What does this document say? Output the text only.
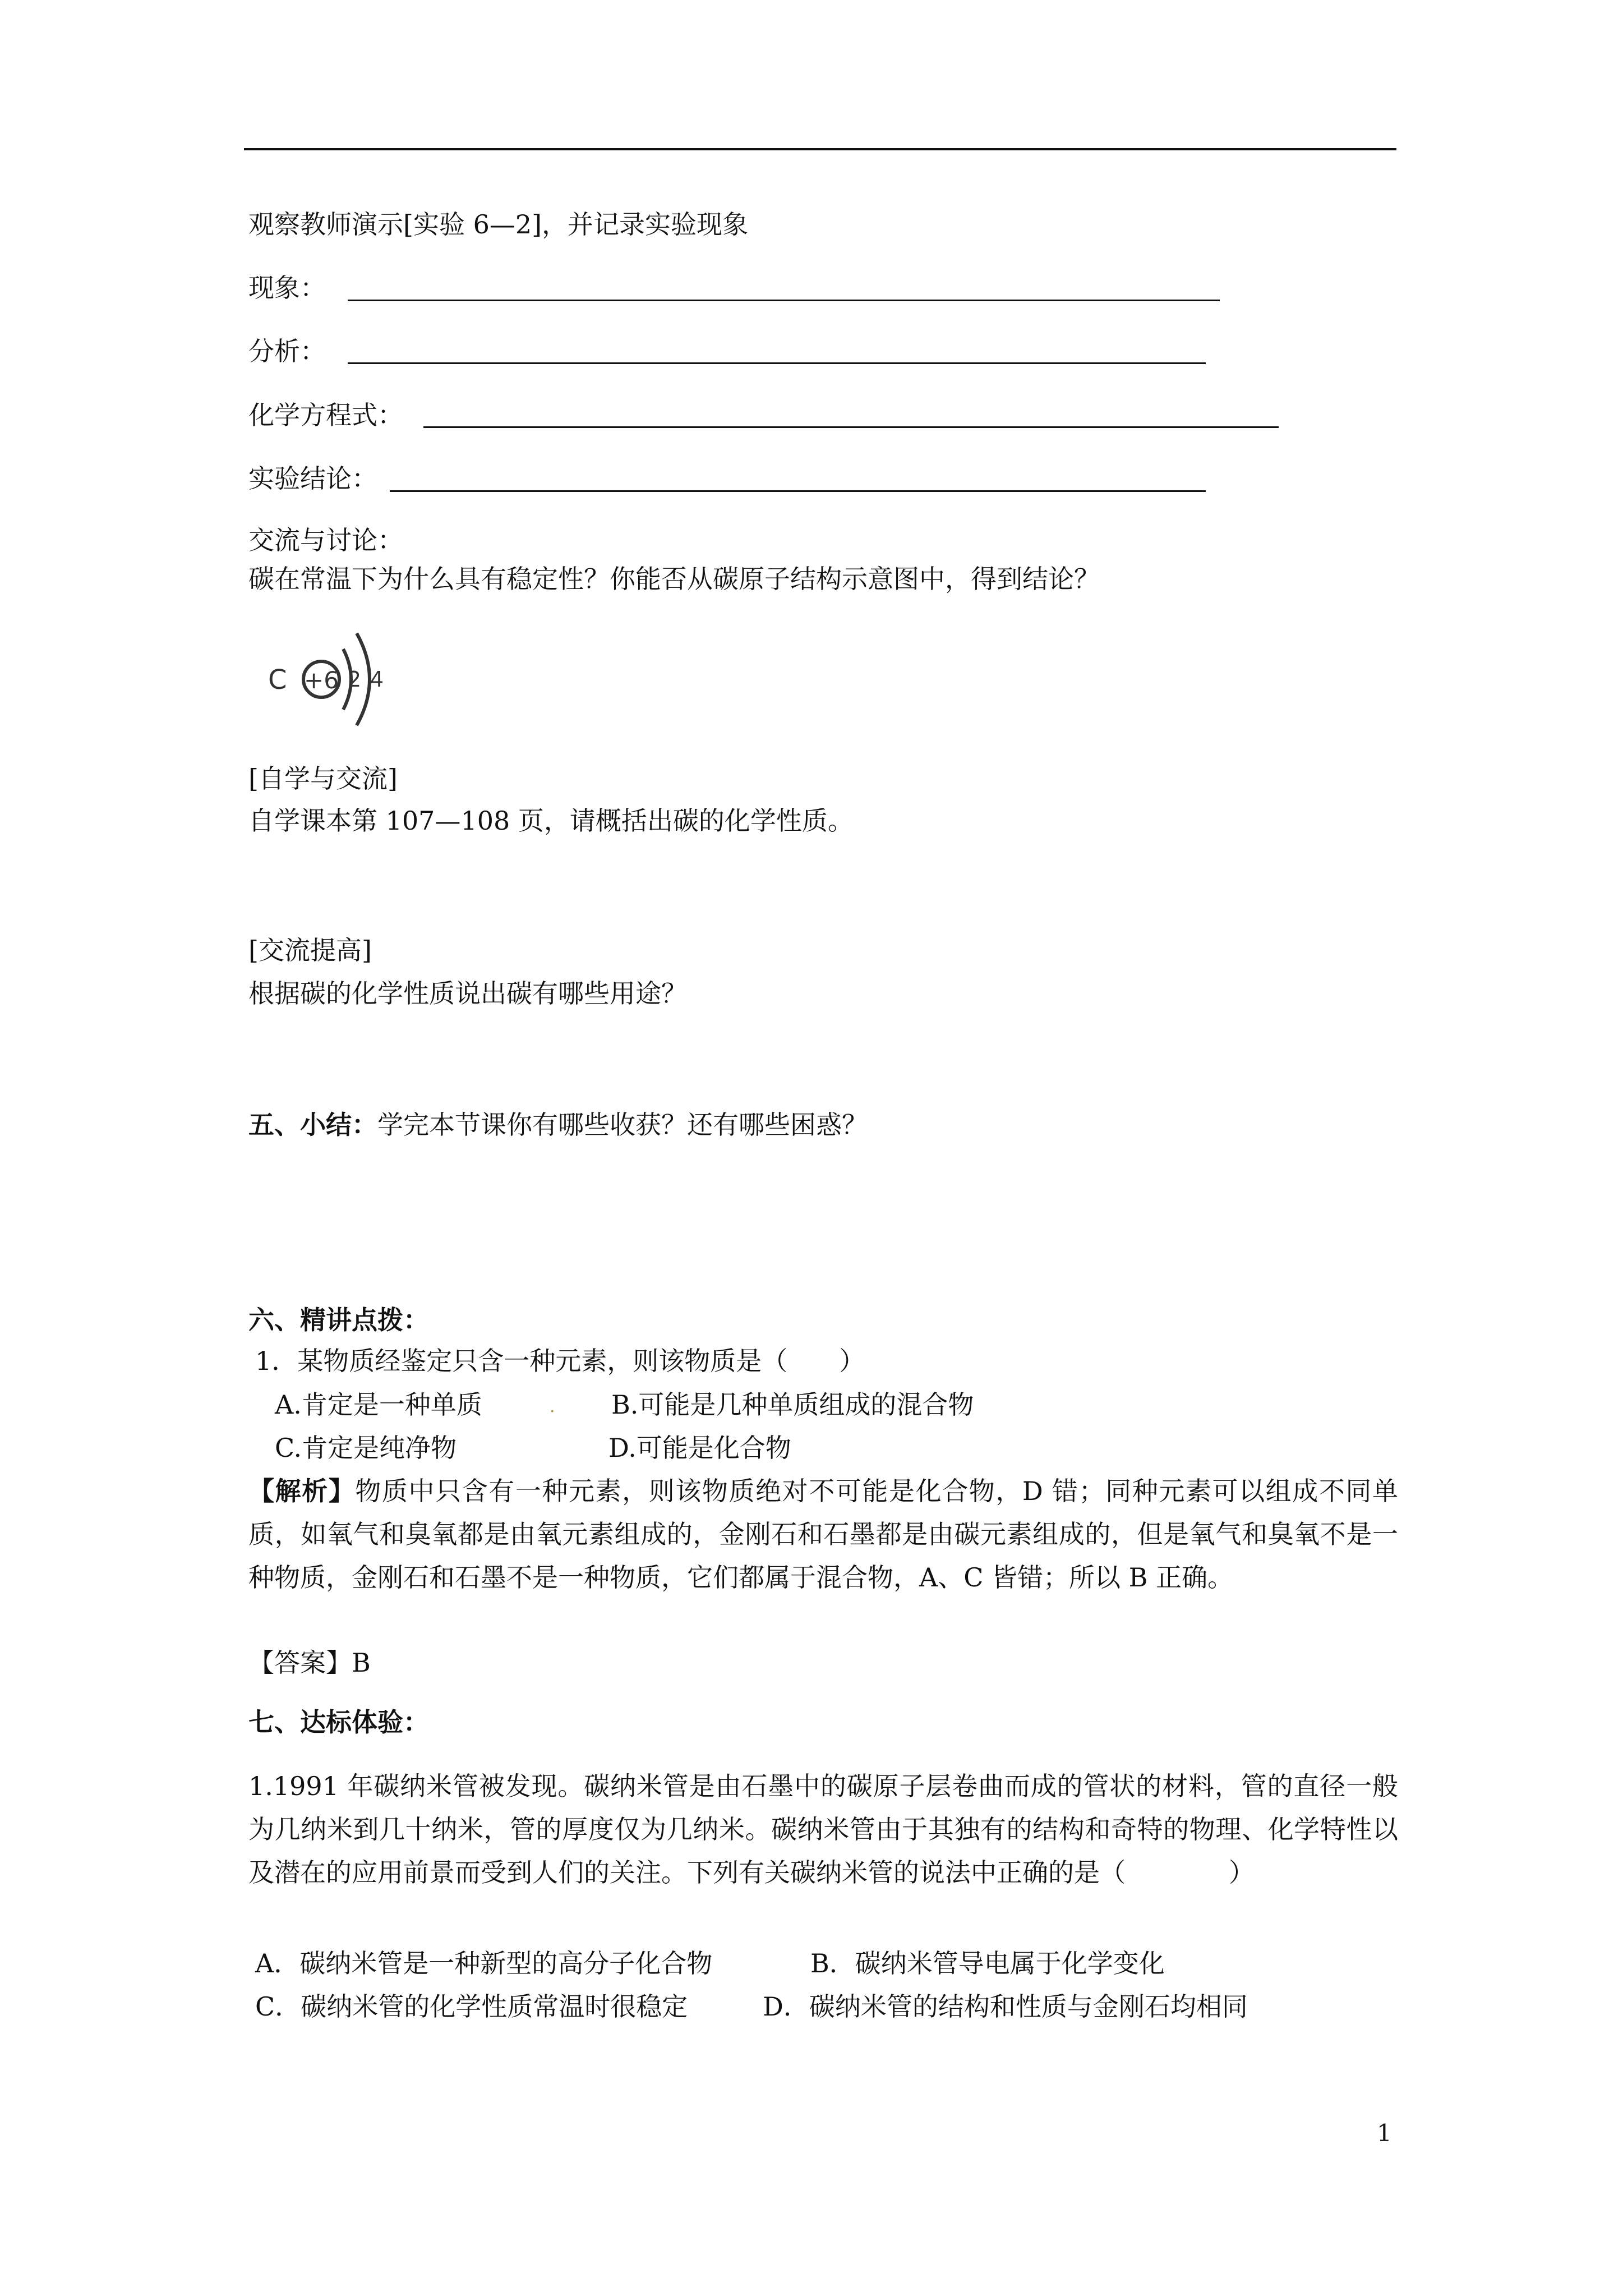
观察教师演示[实验 6—2]，并记录实验现象
现象：
分析：
化学方程式：
实验结论：
交流与讨论：
碳在常温下为什么具有稳定性？你能否从碳原子结构示意图中，得到结论？
C +6 2 4
[自学与交流]
自学课本第 107—108 页，请概括出碳的化学性质。
[交流提高]
根据碳的化学性质说出碳有哪些用途？
五、小结：学完本节课你有哪些收获？还有哪些困惑？
六、精讲点拨：
1．某物质经鉴定只含一种元素，则该物质是（　　）
A.肯定是一种单质	. B.可能是几种单质组成的混合物
C.肯定是纯净物	D.可能是化合物
【解析】物质中只含有一种元素，则该物质绝对不可能是化合物，D 错；同种元素可以组成不同单质，如氧气和臭氧都是由氧元素组成的，金刚石和石墨都是由碳元素组成的，但是氧气和臭氧不是一种物质，金刚石和石墨不是一种物质，它们都属于混合物，A、C 皆错；所以 B 正确。
【答案】B
七、达标体验：
1.1991 年碳纳米管被发现。碳纳米管是由石墨中的碳原子层卷曲而成的管状的材料，管的直径一般为几纳米到几十纳米，管的厚度仅为几纳米。碳纳米管由于其独有的结构和奇特的物理、化学特性以及潜在的应用前景而受到人们的关注。下列有关碳纳米管的说法中正确的是（　　　　）
A．碳纳米管是一种新型的高分子化合物	B．碳纳米管导电属于化学变化
C．碳纳米管的化学性质常温时很稳定	D．碳纳米管的结构和性质与金刚石均相同
1
